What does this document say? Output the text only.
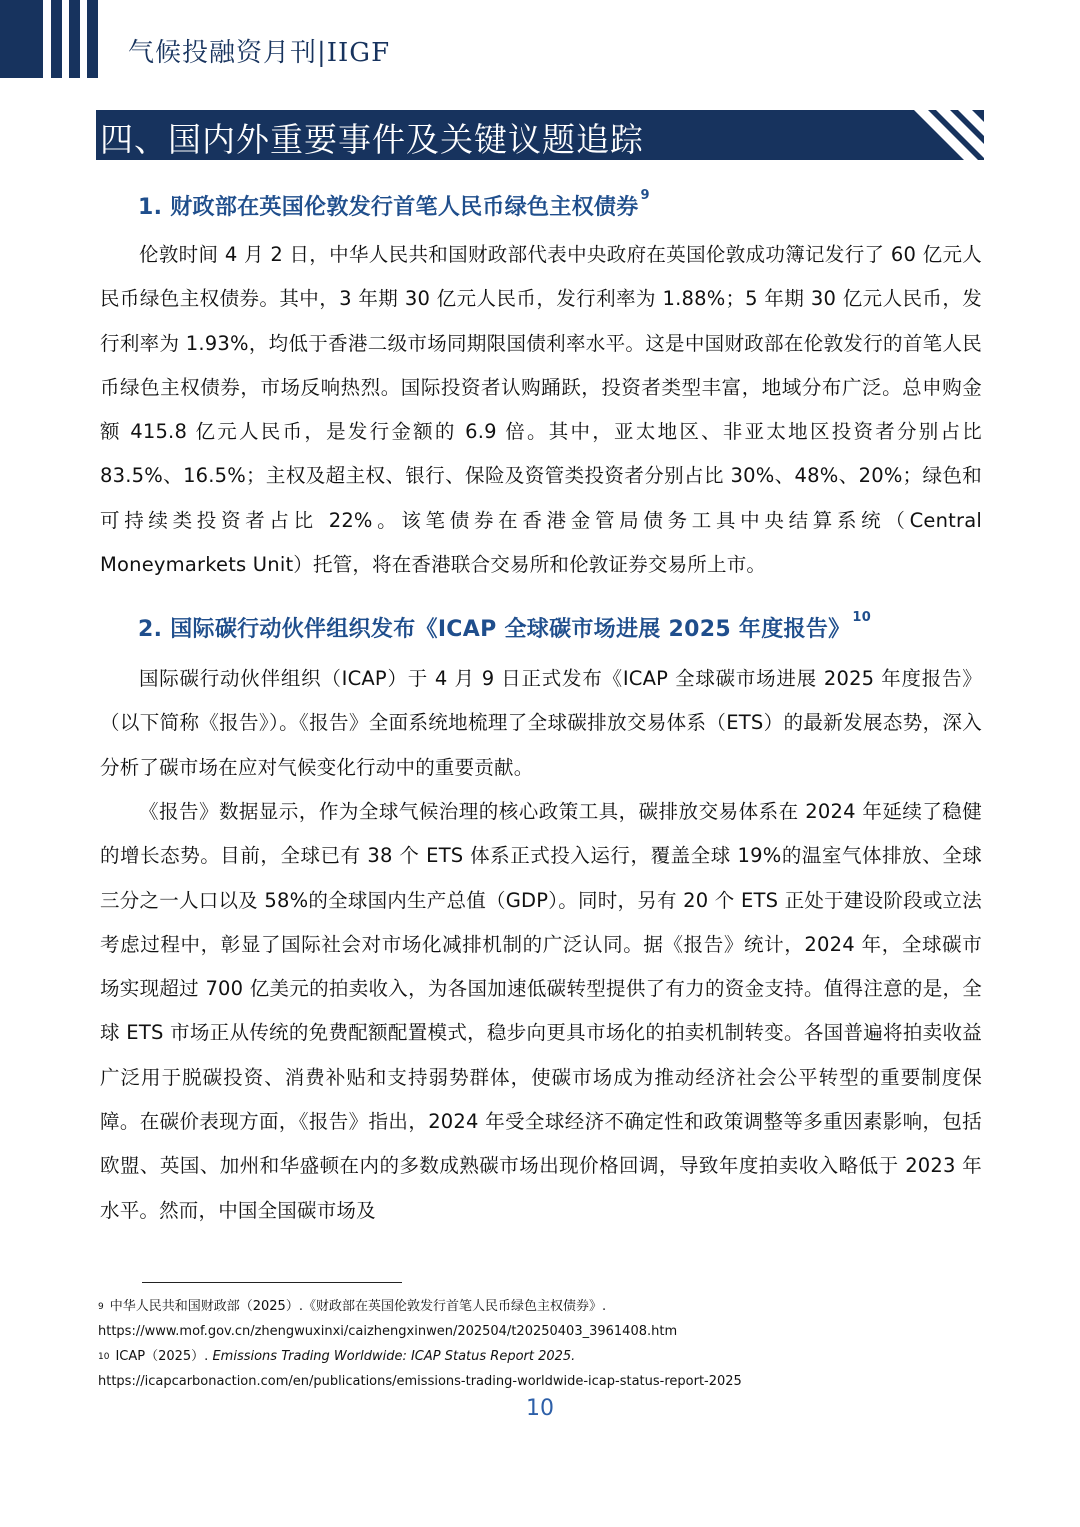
气候投融资月刊|IIGF
四、国内外重要事件及关键议题追踪
1. 财政部在英国伦敦发行首笔人民币绿色主权债券 $^9$
伦敦时间 4 月 2 日，中华人民共和国财政部代表中央政府在英国伦敦成功簿记发行了 60 亿元人民币绿色主权债券。其中，3 年期 30 亿元人民币，发行利率为 1.88%；5 年期 30 亿元人民币，发行利率为 1.93%，均低于香港二级市场同期限国债利率水平。这是中国财政部在伦敦发行的首笔人民币绿色主权债券，市场反响热烈。国际投资者认购踊跃，投资者类型丰富，地域分布广泛。总申购金额 415.8 亿元人民币，是发行金额的 6.9 倍。其中，亚太地区、非亚太地区投资者分别占比 83.5%、16.5%；主权及超主权、银行、保险及资管类投资者分别占比 30%、48%、20%；绿色和可持续类投资者占比 22%。该笔债券在香港金管局债务工具中央结算系统（Central Moneymarkets Unit）托管，将在香港联合交易所和伦敦证券交易所上市。
2. 国际碳行动伙伴组织发布《ICAP 全球碳市场进展 2025 年度报告》 $^{10}$
国际碳行动伙伴组织（ICAP）于 4 月 9 日正式发布《ICAP 全球碳市场进展 2025 年度报告》（以下简称《报告》）。《报告》全面系统地梳理了全球碳排放交易体系（ETS）的最新发展态势，深入分析了碳市场在应对气候变化行动中的重要贡献。
《报告》数据显示，作为全球气候治理的核心政策工具，碳排放交易体系在 2024 年延续了稳健的增长态势。目前，全球已有 38 个 ETS 体系正式投入运行，覆盖全球 19%的温室气体排放、全球三分之一人口以及 58%的全球国内生产总值（GDP）。同时，另有 20 个 ETS 正处于建设阶段或立法考虑过程中，彰显了国际社会对市场化减排机制的广泛认同。据《报告》统计，2024 年，全球碳市场实现超过 700 亿美元的拍卖收入，为各国加速低碳转型提供了有力的资金支持。值得注意的是，全球 ETS 市场正从传统的免费配额配置模式，稳步向更具市场化的拍卖机制转变。各国普遍将拍卖收益广泛用于脱碳投资、消费补贴和支持弱势群体，使碳市场成为推动经济社会公平转型的重要制度保障。在碳价表现方面，《报告》指出，2024 年受全球经济不确定性和政策调整等多重因素影响，包括欧盟、英国、加州和华盛顿在内的多数成熟碳市场出现价格回调，导致年度拍卖收入略低于 2023 年水平。然而，中国全国碳市场及
$^9$ 中华人民共和国财政部（2025）.《财政部在英国伦敦发行首笔人民币绿色主权债券》.
https://www.mof.gov.cn/zhengwuxinxi/caizhengxinwen/202504/t20250403_3961408.htm
$^{10}$ ICAP（2025）. Emissions Trading Worldwide: ICAP Status Report 2025.
https://icapcarbonaction.com/en/publications/emissions-trading-worldwide-icap-status-report-2025
10
